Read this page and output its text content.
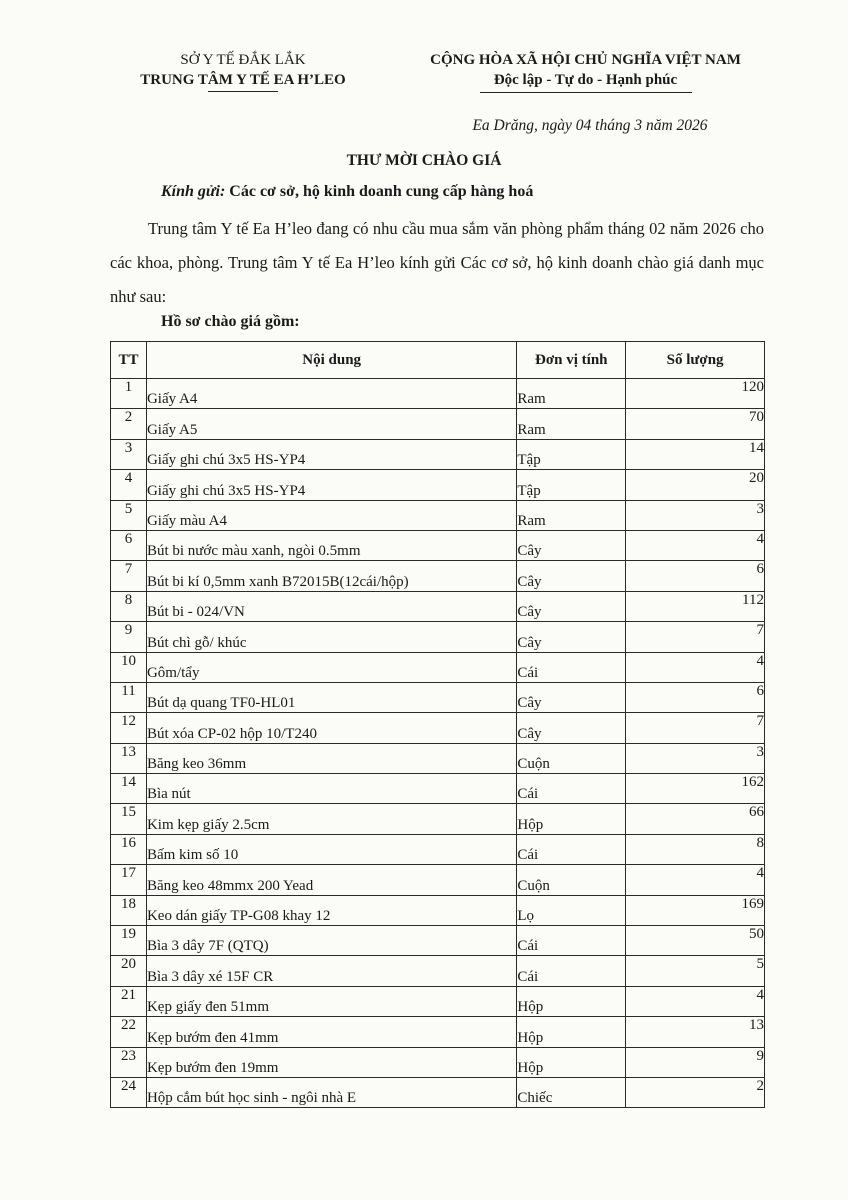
SỞ Y TẾ ĐẮK LẮK
TRUNG TÂM Y TẾ EA H’LEO
CỘNG HÒA XÃ HỘI CHỦ NGHĨA VIỆT NAM
Độc lập - Tự do - Hạnh phúc
Ea Drăng, ngày 04 tháng 3 năm 2026
THƯ MỜI CHÀO GIÁ
Kính gửi: Các cơ sở, hộ kinh doanh cung cấp hàng hoá
Trung tâm Y tế Ea H’leo đang có nhu cầu mua sắm văn phòng phẩm tháng 02 năm 2026 cho các khoa, phòng. Trung tâm Y tế Ea H’leo kính gửi Các cơ sở, hộ kinh doanh chào giá danh mục như sau:
Hồ sơ chào giá gồm:
TT	Nội dung	Đơn vị tính	Số lượng
1	Giấy A4	Ram	120
2	Giấy A5	Ram	70
3	Giấy ghi chú 3x5 HS-YP4	Tập	14
4	Giấy ghi chú 3x5 HS-YP4	Tập	20
5	Giấy màu A4	Ram	3
6	Bút bi nước màu xanh, ngòi 0.5mm	Cây	4
7	Bút bi kí 0,5mm xanh B72015B(12cái/hộp)	Cây	6
8	Bút bi - 024/VN	Cây	112
9	Bút chì gỗ/ khúc	Cây	7
10	Gôm/tẩy	Cái	4
11	Bút dạ quang TF0-HL01	Cây	6
12	Bút xóa CP-02 hộp 10/T240	Cây	7
13	Băng keo 36mm	Cuộn	3
14	Bìa nút	Cái	162
15	Kim kẹp giấy 2.5cm	Hộp	66
16	Bấm kim số 10	Cái	8
17	Băng keo 48mmx 200 Yead	Cuộn	4
18	Keo dán giấy TP-G08 khay 12	Lọ	169
19	Bìa 3 dây 7F (QTQ)	Cái	50
20	Bìa 3 dây xé 15F CR	Cái	5
21	Kẹp giấy đen 51mm	Hộp	4
22	Kẹp bướm đen 41mm	Hộp	13
23	Kẹp bướm đen 19mm	Hộp	9
24	Hộp cắm bút học sinh - ngôi nhà E	Chiếc	2
